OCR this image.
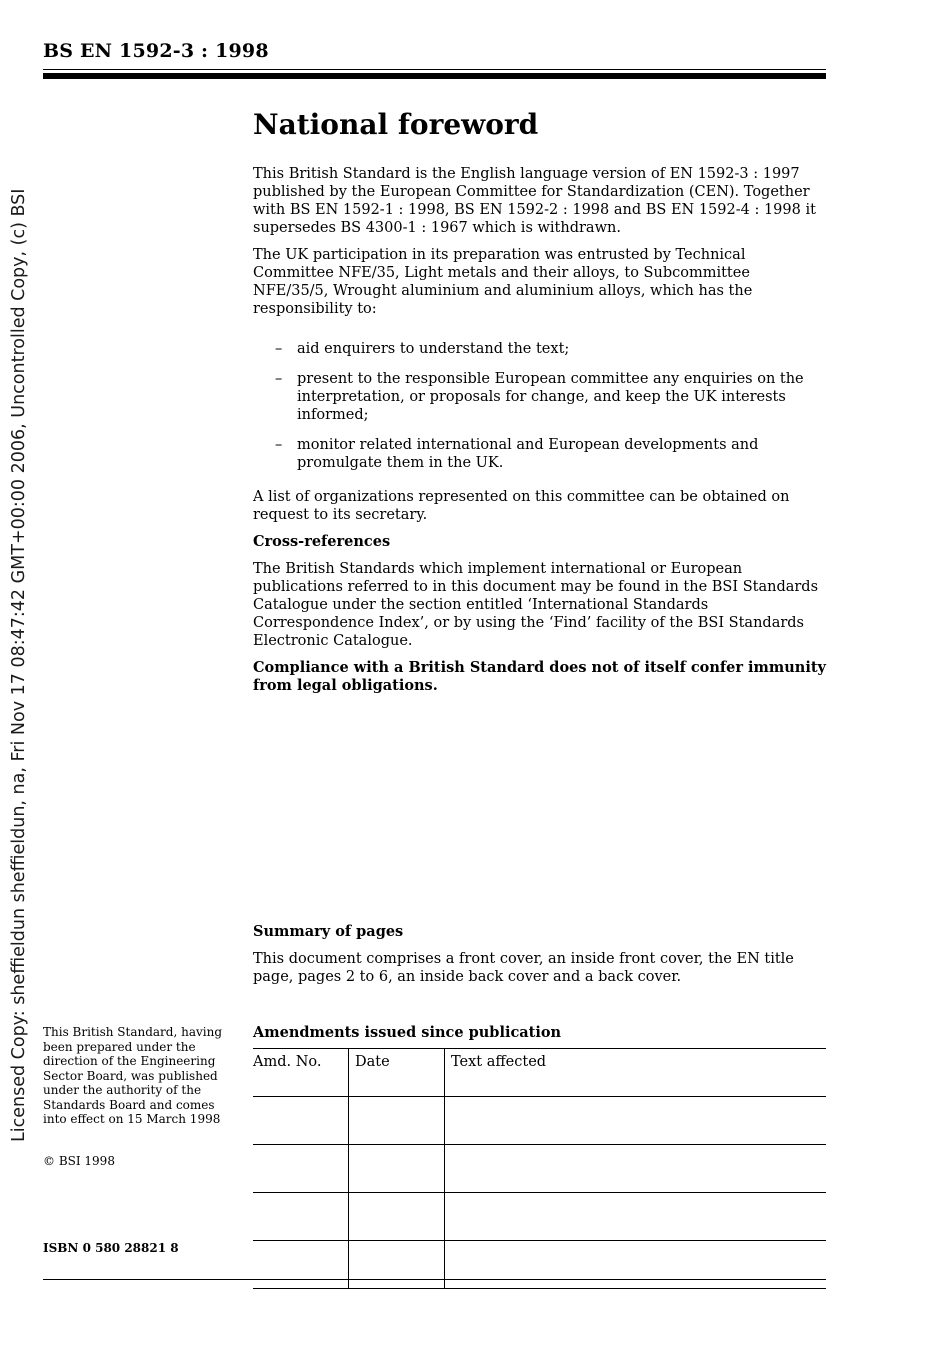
BS EN 1592-3 : 1998
Licensed Copy: sheffieldun sheffieldun, na, Fri Nov 17 08:47:42 GMT+00:00 2006, Uncontrolled Copy, (c) BSI
National foreword

This British Standard is the English language version of EN 1592-3 : 1997 published by the European Committee for Standardization (CEN). Together with BS EN 1592-1 : 1998, BS EN 1592-2 : 1998 and BS EN 1592-4 : 1998 it supersedes BS 4300-1 : 1967 which is withdrawn.

The UK participation in its preparation was entrusted by Technical Committee NFE/35, Light metals and their alloys, to Subcommittee NFE/35/5, Wrought aluminium and aluminium alloys, which has the responsibility to:

– aid enquirers to understand the text;
– present to the responsible European committee any enquiries on the interpretation, or proposals for change, and keep the UK interests informed;
– monitor related international and European developments and promulgate them in the UK.

A list of organizations represented on this committee can be obtained on request to its secretary.

Cross-references

The British Standards which implement international or European publications referred to in this document may be found in the BSI Standards Catalogue under the section entitled ‘International Standards Correspondence Index’, or by using the ‘Find’ facility of the BSI Standards Electronic Catalogue.

Compliance with a British Standard does not of itself confer immunity from legal obligations.

Summary of pages

This document comprises a front cover, an inside front cover, the EN title page, pages 2 to 6, an inside back cover and a back cover.

Amendments issued since publication

Amd. No.	Date	Text affected

This British Standard, having been prepared under the direction of the Engineering Sector Board, was published under the authority of the Standards Board and comes into effect on 15 March 1998
© BSI 1998
ISBN 0 580 28821 8
